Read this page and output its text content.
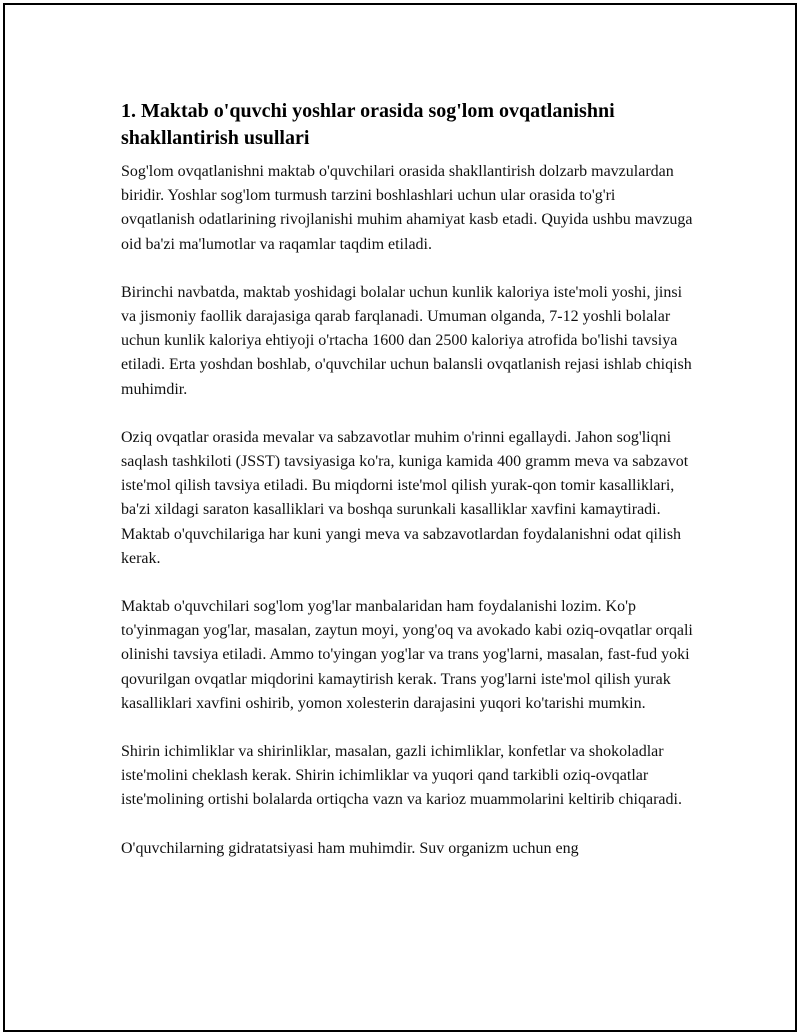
1. Maktab o'quvchi yoshlar orasida sog'lom ovqatlanishni shakllantirish usullari

Sog'lom ovqatlanishni maktab o'quvchilari orasida shakllantirish dolzarb mavzulardan biridir. Yoshlar sog'lom turmush tarzini boshlashlari uchun ular orasida to'g'ri ovqatlanish odatlarining rivojlanishi muhim ahamiyat kasb etadi. Quyida ushbu mavzuga oid ba'zi ma'lumotlar va raqamlar taqdim etiladi.

Birinchi navbatda, maktab yoshidagi bolalar uchun kunlik kaloriya iste'moli yoshi, jinsi va jismoniy faollik darajasiga qarab farqlanadi. Umuman olganda, 7-12 yoshli bolalar uchun kunlik kaloriya ehtiyoji o'rtacha 1600 dan 2500 kaloriya atrofida bo'lishi tavsiya etiladi. Erta yoshdan boshlab, o'quvchilar uchun balansli ovqatlanish rejasi ishlab chiqish muhimdir.

Oziq ovqatlar orasida mevalar va sabzavotlar muhim o'rinni egallaydi. Jahon sog'liqni saqlash tashkiloti (JSST) tavsiyasiga ko'ra, kuniga kamida 400 gramm meva va sabzavot iste'mol qilish tavsiya etiladi. Bu miqdorni iste'mol qilish yurak-qon tomir kasalliklari, ba'zi xildagi saraton kasalliklari va boshqa surunkali kasalliklar xavfini kamaytiradi. Maktab o'quvchilariga har kuni yangi meva va sabzavotlardan foydalanishni odat qilish kerak.

Maktab o'quvchilari sog'lom yog'lar manbalaridan ham foydalanishi lozim. Ko'p to'yinmagan yog'lar, masalan, zaytun moyi, yong'oq va avokado kabi oziq-ovqatlar orqali olinishi tavsiya etiladi. Ammo to'yingan yog'lar va trans yog'larni, masalan, fast-fud yoki qovurilgan ovqatlar miqdorini kamaytirish kerak. Trans yog'larni iste'mol qilish yurak kasalliklari xavfini oshirib, yomon xolesterin darajasini yuqori ko'tarishi mumkin.

Shirin ichimliklar va shirinliklar, masalan, gazli ichimliklar, konfetlar va shokoladlar iste'molini cheklash kerak. Shirin ichimliklar va yuqori qand tarkibli oziq-ovqatlar iste'molining ortishi bolalarda ortiqcha vazn va karioz muammolarini keltirib chiqaradi.

O'quvchilarning gidratatsiyasi ham muhimdir. Suv organizm uchun eng
